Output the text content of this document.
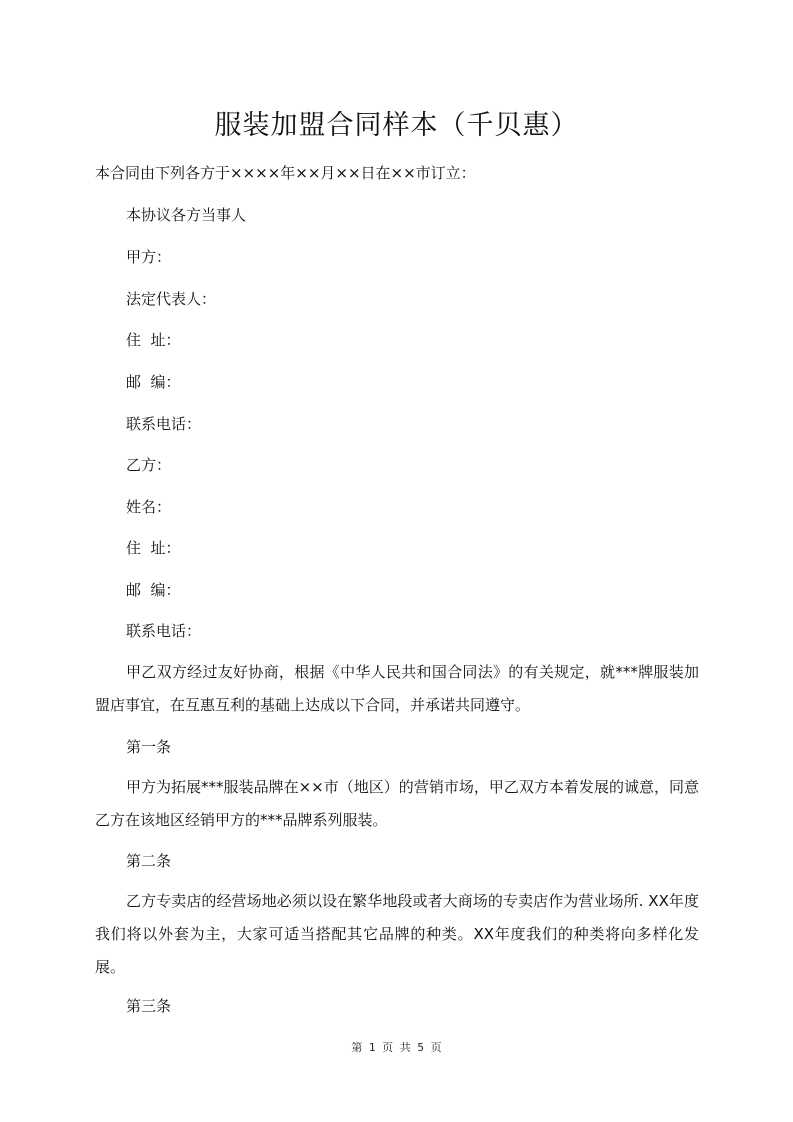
服装加盟合同样本（千贝惠）
本合同由下列各方于××××年××月××日在××市订立：
本协议各方当事人
甲方：
法定代表人：
住  址：
邮  编：
联系电话：
乙方：
姓名：
住  址：
邮  编：
联系电话：
甲乙双方经过友好协商，根据《中华人民共和国合同法》的有关规定，就***牌服装加盟店事宜，在互惠互利的基础上达成以下合同，并承诺共同遵守。
第一条
甲方为拓展***服装品牌在××市（地区）的营销市场，甲乙双方本着发展的诚意，同意乙方在该地区经销甲方的***品牌系列服装。
第二条
乙方专卖店的经营场地必须以设在繁华地段或者大商场的专卖店作为营业场所. XX年度我们将以外套为主，大家可适当搭配其它品牌的种类。XX年度我们的种类将向多样化发展。
第三条
第 1 页 共 5 页
